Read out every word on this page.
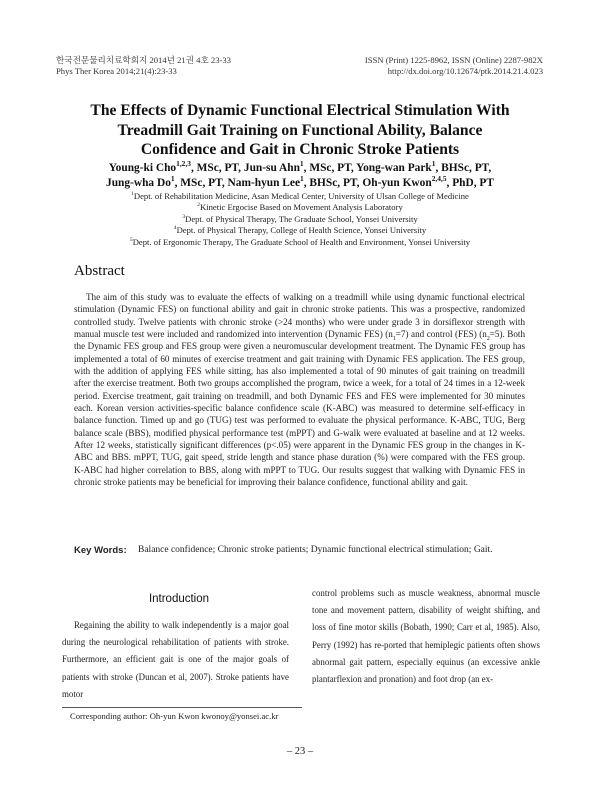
한국전문물리치료학회지 2014년 21권 4호 23-33
Phys Ther Korea 2014;21(4):23-33
ISSN (Print) 1225-8962, ISSN (Online) 2287-982X
http://dx.doi.org/10.12674/ptk.2014.21.4.023
The Effects of Dynamic Functional Electrical Stimulation With
Treadmill Gait Training on Functional Ability, Balance
Confidence and Gait in Chronic Stroke Patients
Young-ki Cho$^{1,2,3}$, MSc, PT, Jun-su Ahn$^1$, MSc, PT, Yong-wan Park$^1$, BHSc, PT,
Jung-wha Do$^1$, MSc, PT, Nam-hyun Lee$^1$, BHSc, PT, Oh-yun Kwon$^{2,4,5}$, PhD, PT
$^1$Dept. of Rehabilitation Medicine, Asan Medical Center, University of Ulsan College of Medicine
$^2$Kinetic Ergocise Based on Movement Analysis Laboratory
$^3$Dept. of Physical Therapy, The Graduate School, Yonsei University
$^4$Dept. of Physical Therapy, College of Health Science, Yonsei University
$^5$Dept. of Ergonomic Therapy, The Graduate School of Health and Environment, Yonsei University
Abstract

The aim of this study was to evaluate the effects of walking on a treadmill while using dynamic functional electrical stimulation (Dynamic FES) on functional ability and gait in chronic stroke patients. This was a prospective, randomized controlled study. Twelve patients with chronic stroke (>24 months) who were under grade 3 in dorsiflexor strength with manual muscle test were included and randomized into intervention (Dynamic FES) $(n_1=7)$ and control (FES) $(n_2=5)$. Both the Dynamic FES group and FES group were given a neuromuscular development treatment. The Dynamic FES group has implemented a total of 60 minutes of exercise treatment and gait training with Dynamic FES application. The FES group, with the addition of applying FES while sitting, has also implemented a total of 90 minutes of gait training on treadmill after the exercise treatment. Both two groups accomplished the program, twice a week, for a total of 24 times in a 12-week period. Exercise treatment, gait training on treadmill, and both Dynamic FES and FES were implemented for 30 minutes each. Korean version activities-specific balance confidence scale (K-ABC) was measured to determine self-efficacy in balance function. Timed up and go (TUG) test was performed to evaluate the physical performance. K-ABC, TUG, Berg balance scale (BBS), modified physical performance test (mPPT) and G-walk were evaluated at baseline and at 12 weeks. After 12 weeks, statistically significant differences (p<.05) were apparent in the Dynamic FES group in the changes in K-ABC and BBS. mPPT, TUG, gait speed, stride length and stance phase duration (%) were compared with the FES group. K-ABC had higher correlation to BBS, along with mPPT to TUG. Our results suggest that walking with Dynamic FES in chronic stroke patients may be beneficial for improving their balance confidence, functional ability and gait.

Key Words: Balance confidence; Chronic stroke patients; Dynamic functional electrical stimulation; Gait.
Introduction

Regaining the ability to walk independently is a major goal during the neurological rehabilitation of patients with stroke. Furthermore, an efficient gait is one of the major goals of patients with stroke (Duncan et al, 2007). Stroke patients have motor

control problems such as muscle weakness, abnormal muscle tone and movement pattern, disability of weight shifting, and loss of fine motor skills (Bobath, 1990; Carr et al, 1985). Also, Perry (1992) has re-ported that hemiplegic patients often shows abnormal gait pattern, especially equinus (an excessive ankle plantarflexion and pronation) and foot drop (an ex-

Corresponding author: Oh-yun Kwon kwonoy@yonsei.ac.kr
– 23 –
